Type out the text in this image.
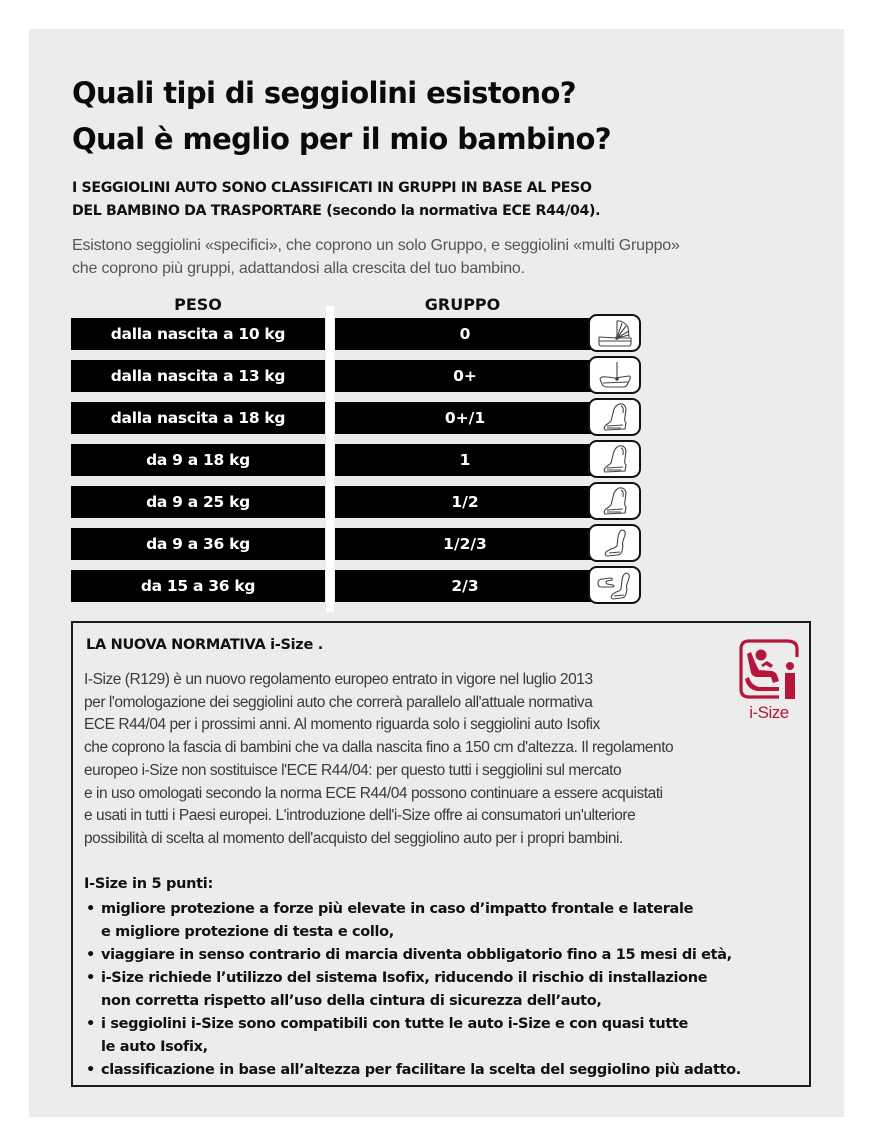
Quali tipi di seggiolini esistono?
Qual è meglio per il mio bambino?

I SEGGIOLINI AUTO SONO CLASSIFICATI IN GRUPPI IN BASE AL PESO
DEL BAMBINO DA TRASPORTARE (secondo la normativa ECE R44/04).

Esistono seggiolini «specifici», che coprono un solo Gruppo, e seggiolini «multi Gruppo»
che coprono più gruppi, adattandosi alla crescita del tuo bambino.

PESO	GRUPPO
dalla nascita a 10 kg	0
dalla nascita a 13 kg	0+
dalla nascita a 18 kg	0+/1
da 9 a 18 kg	1
da 9 a 25 kg	1/2
da 9 a 36 kg	1/2/3
da 15 a 36 kg	2/3
LA NUOVA NORMATIVA i-Size .
i-Size

I-Size (R129) è un nuovo regolamento europeo entrato in vigore nel luglio 2013
per l'omologazione dei seggiolini auto che correrà parallelo all'attuale normativa
ECE R44/04 per i prossimi anni. Al momento riguarda solo i seggiolini auto Isofix
che coprono la fascia di bambini che va dalla nascita fino a 150 cm d'altezza. Il regolamento
europeo i-Size non sostituisce l'ECE R44/04: per questo tutti i seggiolini sul mercato
e in uso omologati secondo la norma ECE R44/04 possono continuare a essere acquistati
e usati in tutti i Paesi europei. L'introduzione dell'i-Size offre ai consumatori un'ulteriore
possibilità di scelta al momento dell'acquisto del seggiolino auto per i propri bambini.

I-Size in 5 punti:
• migliore protezione a forze più elevate in caso d’impatto frontale e laterale
e migliore protezione di testa e collo,
• viaggiare in senso contrario di marcia diventa obbligatorio fino a 15 mesi di età,
• i-Size richiede l’utilizzo del sistema Isofix, riducendo il rischio di installazione
non corretta rispetto all’uso della cintura di sicurezza dell’auto,
• i seggiolini i-Size sono compatibili con tutte le auto i-Size e con quasi tutte
le auto Isofix,
• classificazione in base all’altezza per facilitare la scelta del seggiolino più adatto.
